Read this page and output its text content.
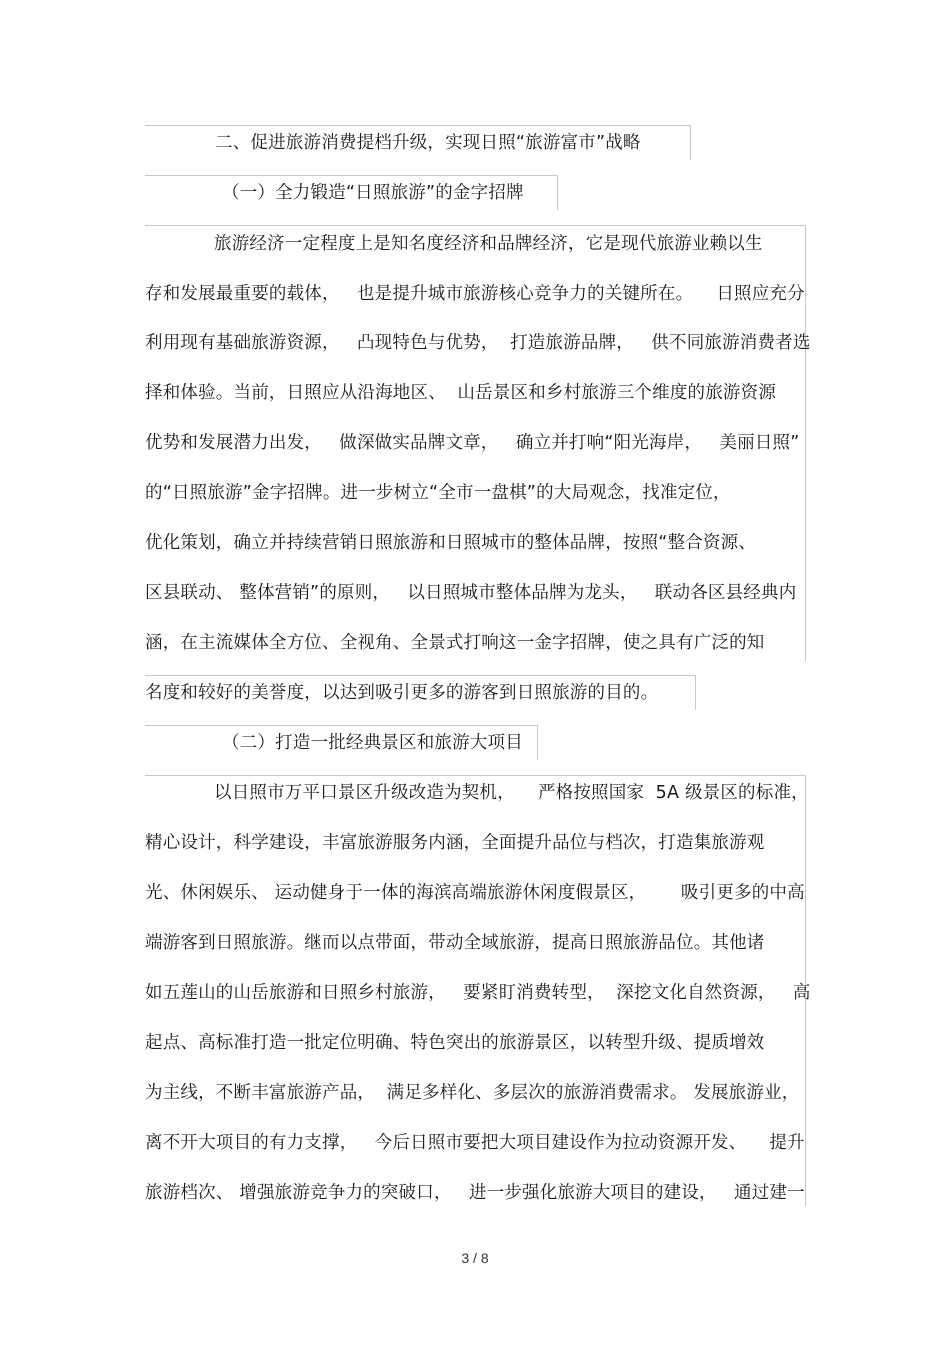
二、促进旅游消费提档升级，实现日照“旅游富市”战略
（一）全力锻造“日照旅游”的金字招牌
旅游经济一定程度上是知名度经济和品牌经济，它是现代旅游业赖以生
存和发展最重要的载体，   也是提升城市旅游核心竞争力的关键所在。    日照应充分
利用现有基础旅游资源，   凸现特色与优势，  打造旅游品牌，   供不同旅游消费者选
择和体验。当前，日照应从沿海地区、  山岳景区和乡村旅游三个维度的旅游资源
优势和发展潜力出发，   做深做实品牌文章，   确立并打响“阳光海岸，   美丽日照”
的“日照旅游”金字招牌。进一步树立“全市一盘棋”的大局观念，找准定位，
优化策划，确立并持续营销日照旅游和日照城市的整体品牌，按照“整合资源、
区县联动、 整体营销”的原则，   以日照城市整体品牌为龙头，   联动各区县经典内
涵，在主流媒体全方位、全视角、全景式打响这一金字招牌，使之具有广泛的知
名度和较好的美誉度，以达到吸引更多的游客到日照旅游的目的。
（二）打造一批经典景区和旅游大项目
以日照市万平口景区升级改造为契机，    严格按照国家  5A 级景区的标准，
精心设计，科学建设，丰富旅游服务内涵，全面提升品位与档次，打造集旅游观
光、休闲娱乐、 运动健身于一体的海滨高端旅游休闲度假景区，      吸引更多的中高
端游客到日照旅游。继而以点带面，带动全域旅游，提高日照旅游品位。其他诸
如五莲山的山岳旅游和日照乡村旅游，   要紧盯消费转型，  深挖文化自然资源，   高
起点、高标准打造一批定位明确、特色突出的旅游景区，以转型升级、提质增效
为主线，不断丰富旅游产品，  满足多样化、多层次的旅游消费需求。 发展旅游业，
离不开大项目的有力支撑，   今后日照市要把大项目建设作为拉动资源开发、    提升
旅游档次、 增强旅游竞争力的突破口，   进一步强化旅游大项目的建设，   通过建一
3 / 8
